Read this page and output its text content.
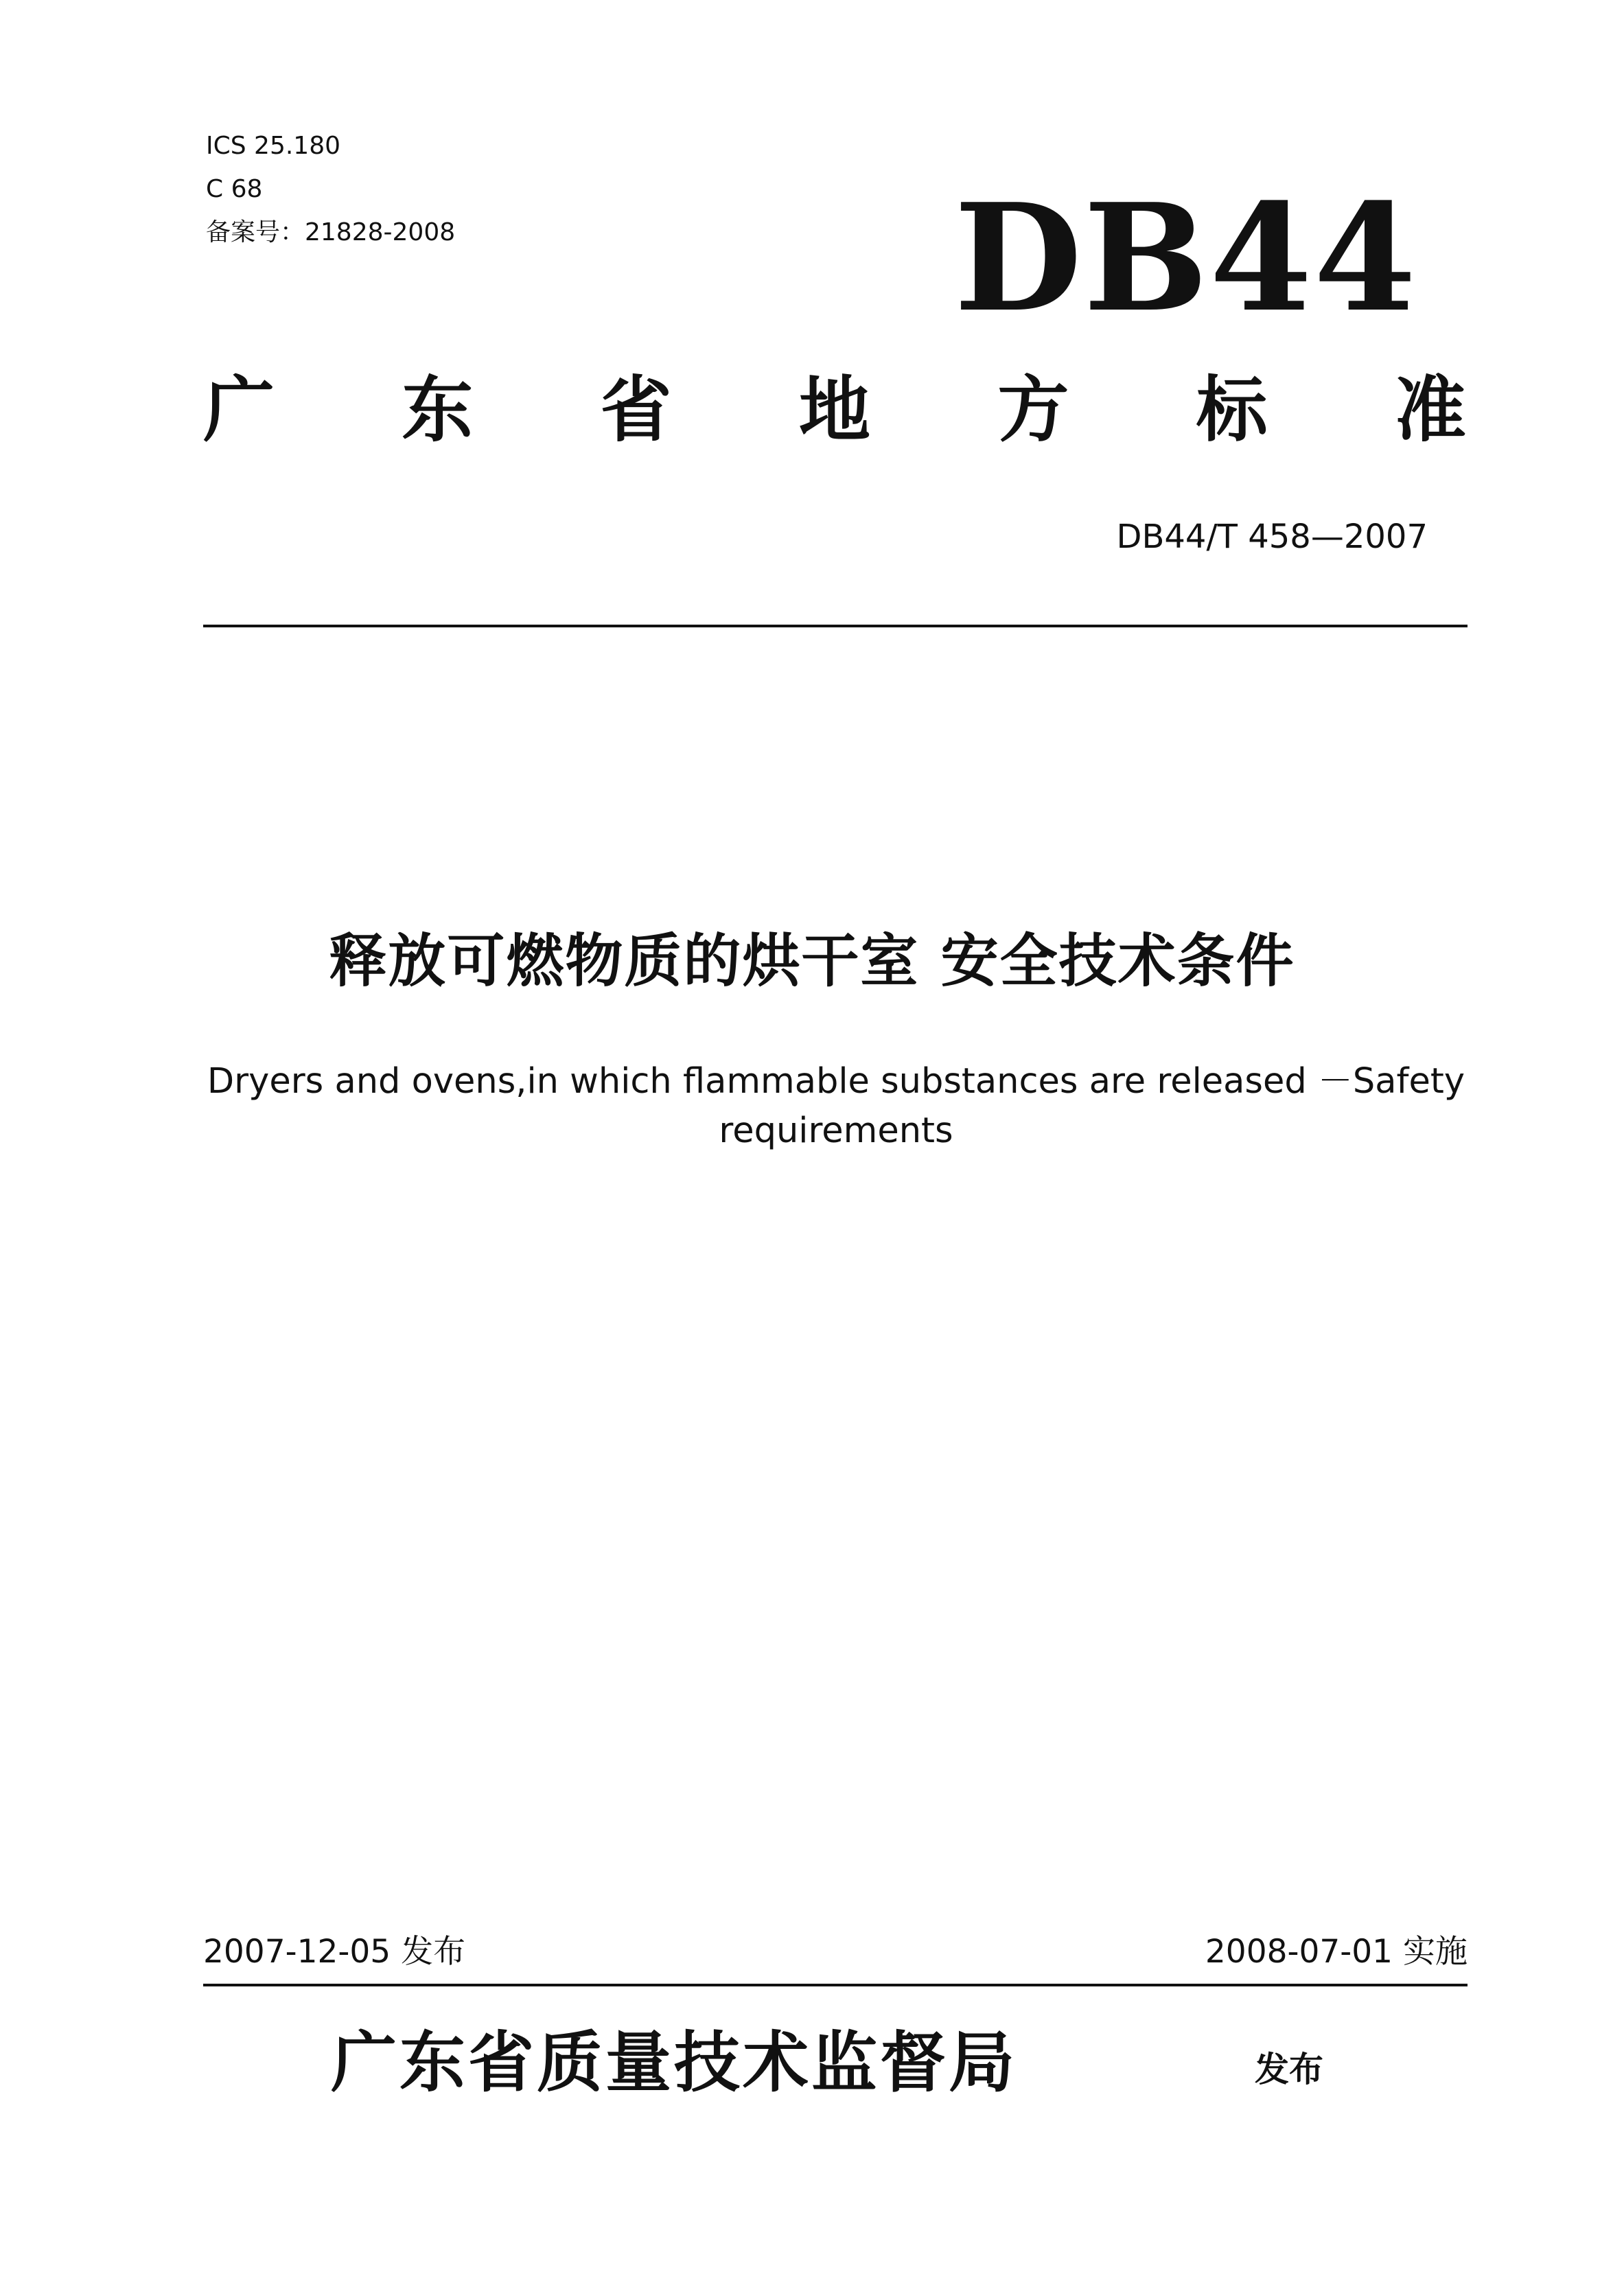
ICS 25.180
C 68
备案号：21828-2008	DB44
广 东 省 地 方 标 准
DB44/T 458—2007
释放可燃物质的烘干室 安全技术条件
Dryers and ovens,in which flammable substances are released －Safety requirements
2007-12-05 发布	2008-07-01 实施
广东省质量技术监督局	发布
